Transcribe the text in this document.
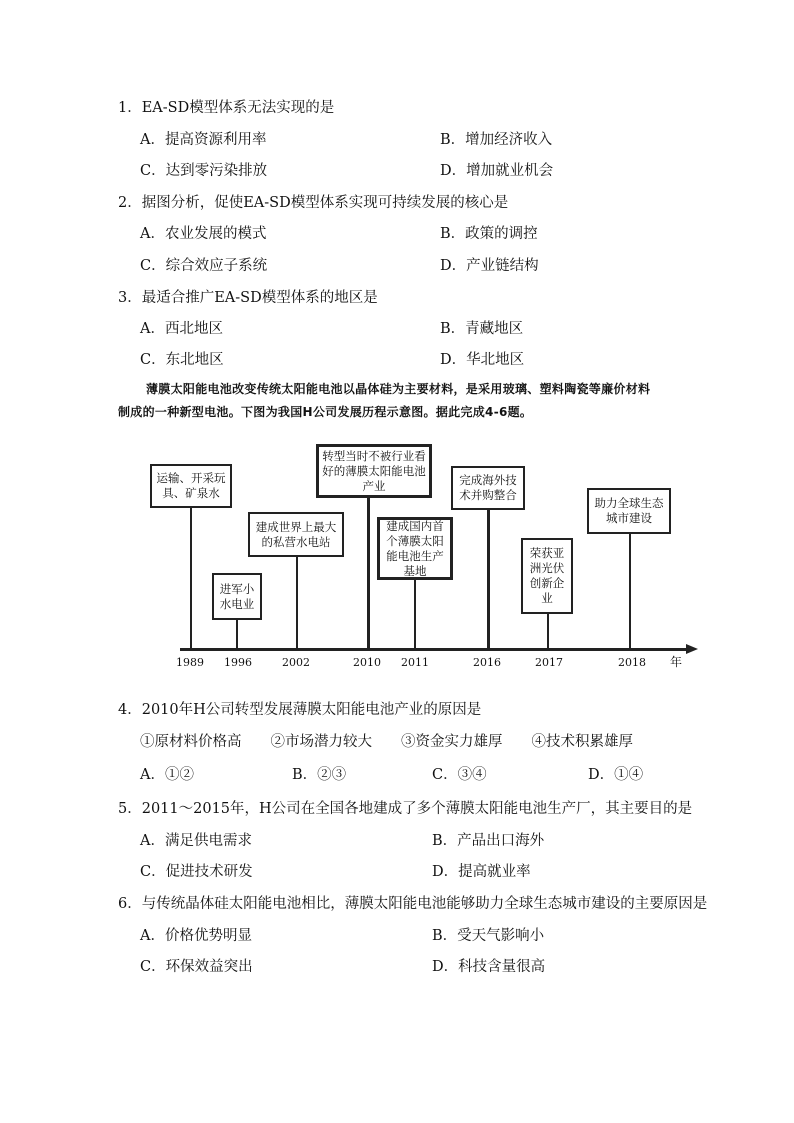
1．EA-SD模型体系无法实现的是
A．提高资源利用率	B．增加经济收入
C．达到零污染排放	D．增加就业机会
2．据图分析，促使EA-SD模型体系实现可持续发展的核心是
A．农业发展的模式	B．政策的调控
C．综合效应子系统	D．产业链结构
3．最适合推广EA-SD模型体系的地区是
A．西北地区	B．青藏地区
C．东北地区	D．华北地区

薄膜太阳能电池改变传统太阳能电池以晶体硅为主要材料，是采用玻璃、塑料陶瓷等廉价材料

制成的一种新型电池。下图为我国H公司发展历程示意图。据此完成4-6题。

运输、开采玩具、矿泉水
进军小水电业
建成世界上最大的私营水电站
转型当时不被行业看好的薄膜太阳能电池产业
建成国内首个薄膜太阳能电池生产基地
完成海外技术并购整合
荣获亚洲光伏创新企业
助力全球生态城市建设
1989 1996	2002	2010 2011	2016	2017	2018 年
4．2010年H公司转型发展薄膜太阳能电池产业的原因是
①原材料价格高　　②市场潜力较大　　③资金实力雄厚　　④技术积累雄厚
A．①②	B．②③	C．③④	D．①④
5．2011～2015年，H公司在全国各地建成了多个薄膜太阳能电池生产厂，其主要目的是
A．满足供电需求	B．产品出口海外
C．促进技术研发	D．提高就业率
6．与传统晶体硅太阳能电池相比，薄膜太阳能电池能够助力全球生态城市建设的主要原因是
A．价格优势明显	B．受天气影响小
C．环保效益突出	D．科技含量很高
